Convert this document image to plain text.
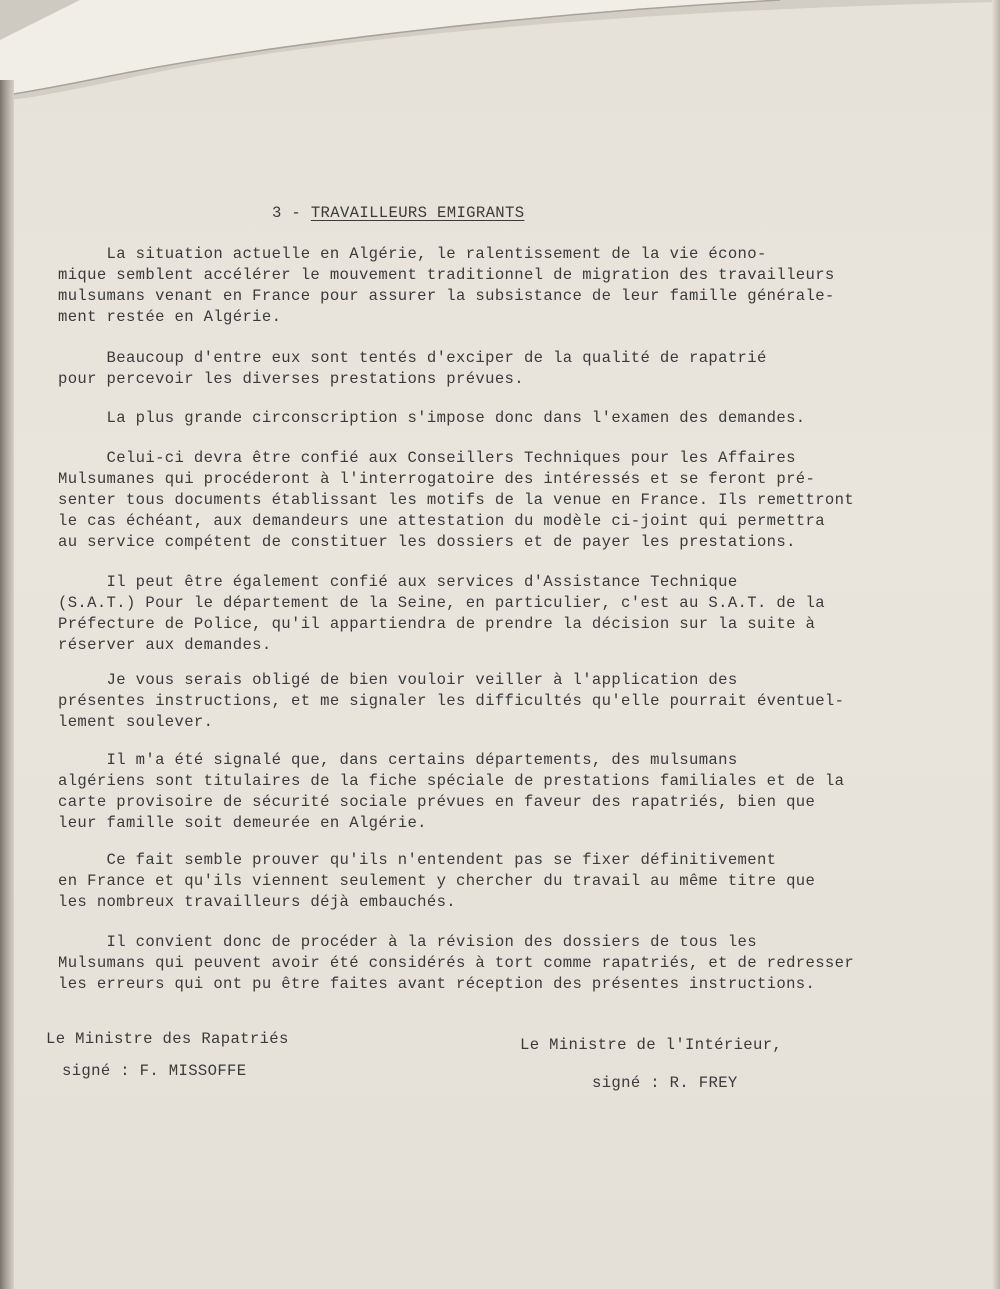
3 - TRAVAILLEURS EMIGRANTS
La situation actuelle en Algérie, le ralentissement de la vie écono-
mique semblent accélérer le mouvement traditionnel de migration des travailleurs
mulsumans venant en France pour assurer la subsistance de leur famille générale-
ment restée en Algérie.
Beaucoup d'entre eux sont tentés d'exciper de la qualité de rapatrié
pour percevoir les diverses prestations prévues.
La plus grande circonscription s'impose donc dans l'examen des demandes.
Celui-ci devra être confié aux Conseillers Techniques pour les Affaires
Mulsumanes qui procéderont à l'interrogatoire des intéressés et se feront pré-
senter tous documents établissant les motifs de la venue en France. Ils remettront
le cas échéant, aux demandeurs une attestation du modèle ci-joint qui permettra
au service compétent de constituer les dossiers et de payer les prestations.
Il peut être également confié aux services d'Assistance Technique
(S.A.T.) Pour le département de la Seine, en particulier, c'est au S.A.T. de la
Préfecture de Police, qu'il appartiendra de prendre la décision sur la suite à
réserver aux demandes.
Je vous serais obligé de bien vouloir veiller à l'application des
présentes instructions, et me signaler les difficultés qu'elle pourrait éventuel-
lement soulever.
Il m'a été signalé que, dans certains départements, des mulsumans
algériens sont titulaires de la fiche spéciale de prestations familiales et de la
carte provisoire de sécurité sociale prévues en faveur des rapatriés, bien que
leur famille soit demeurée en Algérie.
Ce fait semble prouver qu'ils n'entendent pas se fixer définitivement
en France et qu'ils viennent seulement y chercher du travail au même titre que
les nombreux travailleurs déjà embauchés.
Il convient donc de procéder à la révision des dossiers de tous les
Mulsumans qui peuvent avoir été considérés à tort comme rapatriés, et de redresser
les erreurs qui ont pu être faites avant réception des présentes instructions.

Le Ministre des Rapatriés

signé : F. MISSOFFE

Le Ministre de l'Intérieur,

signé : R. FREY
